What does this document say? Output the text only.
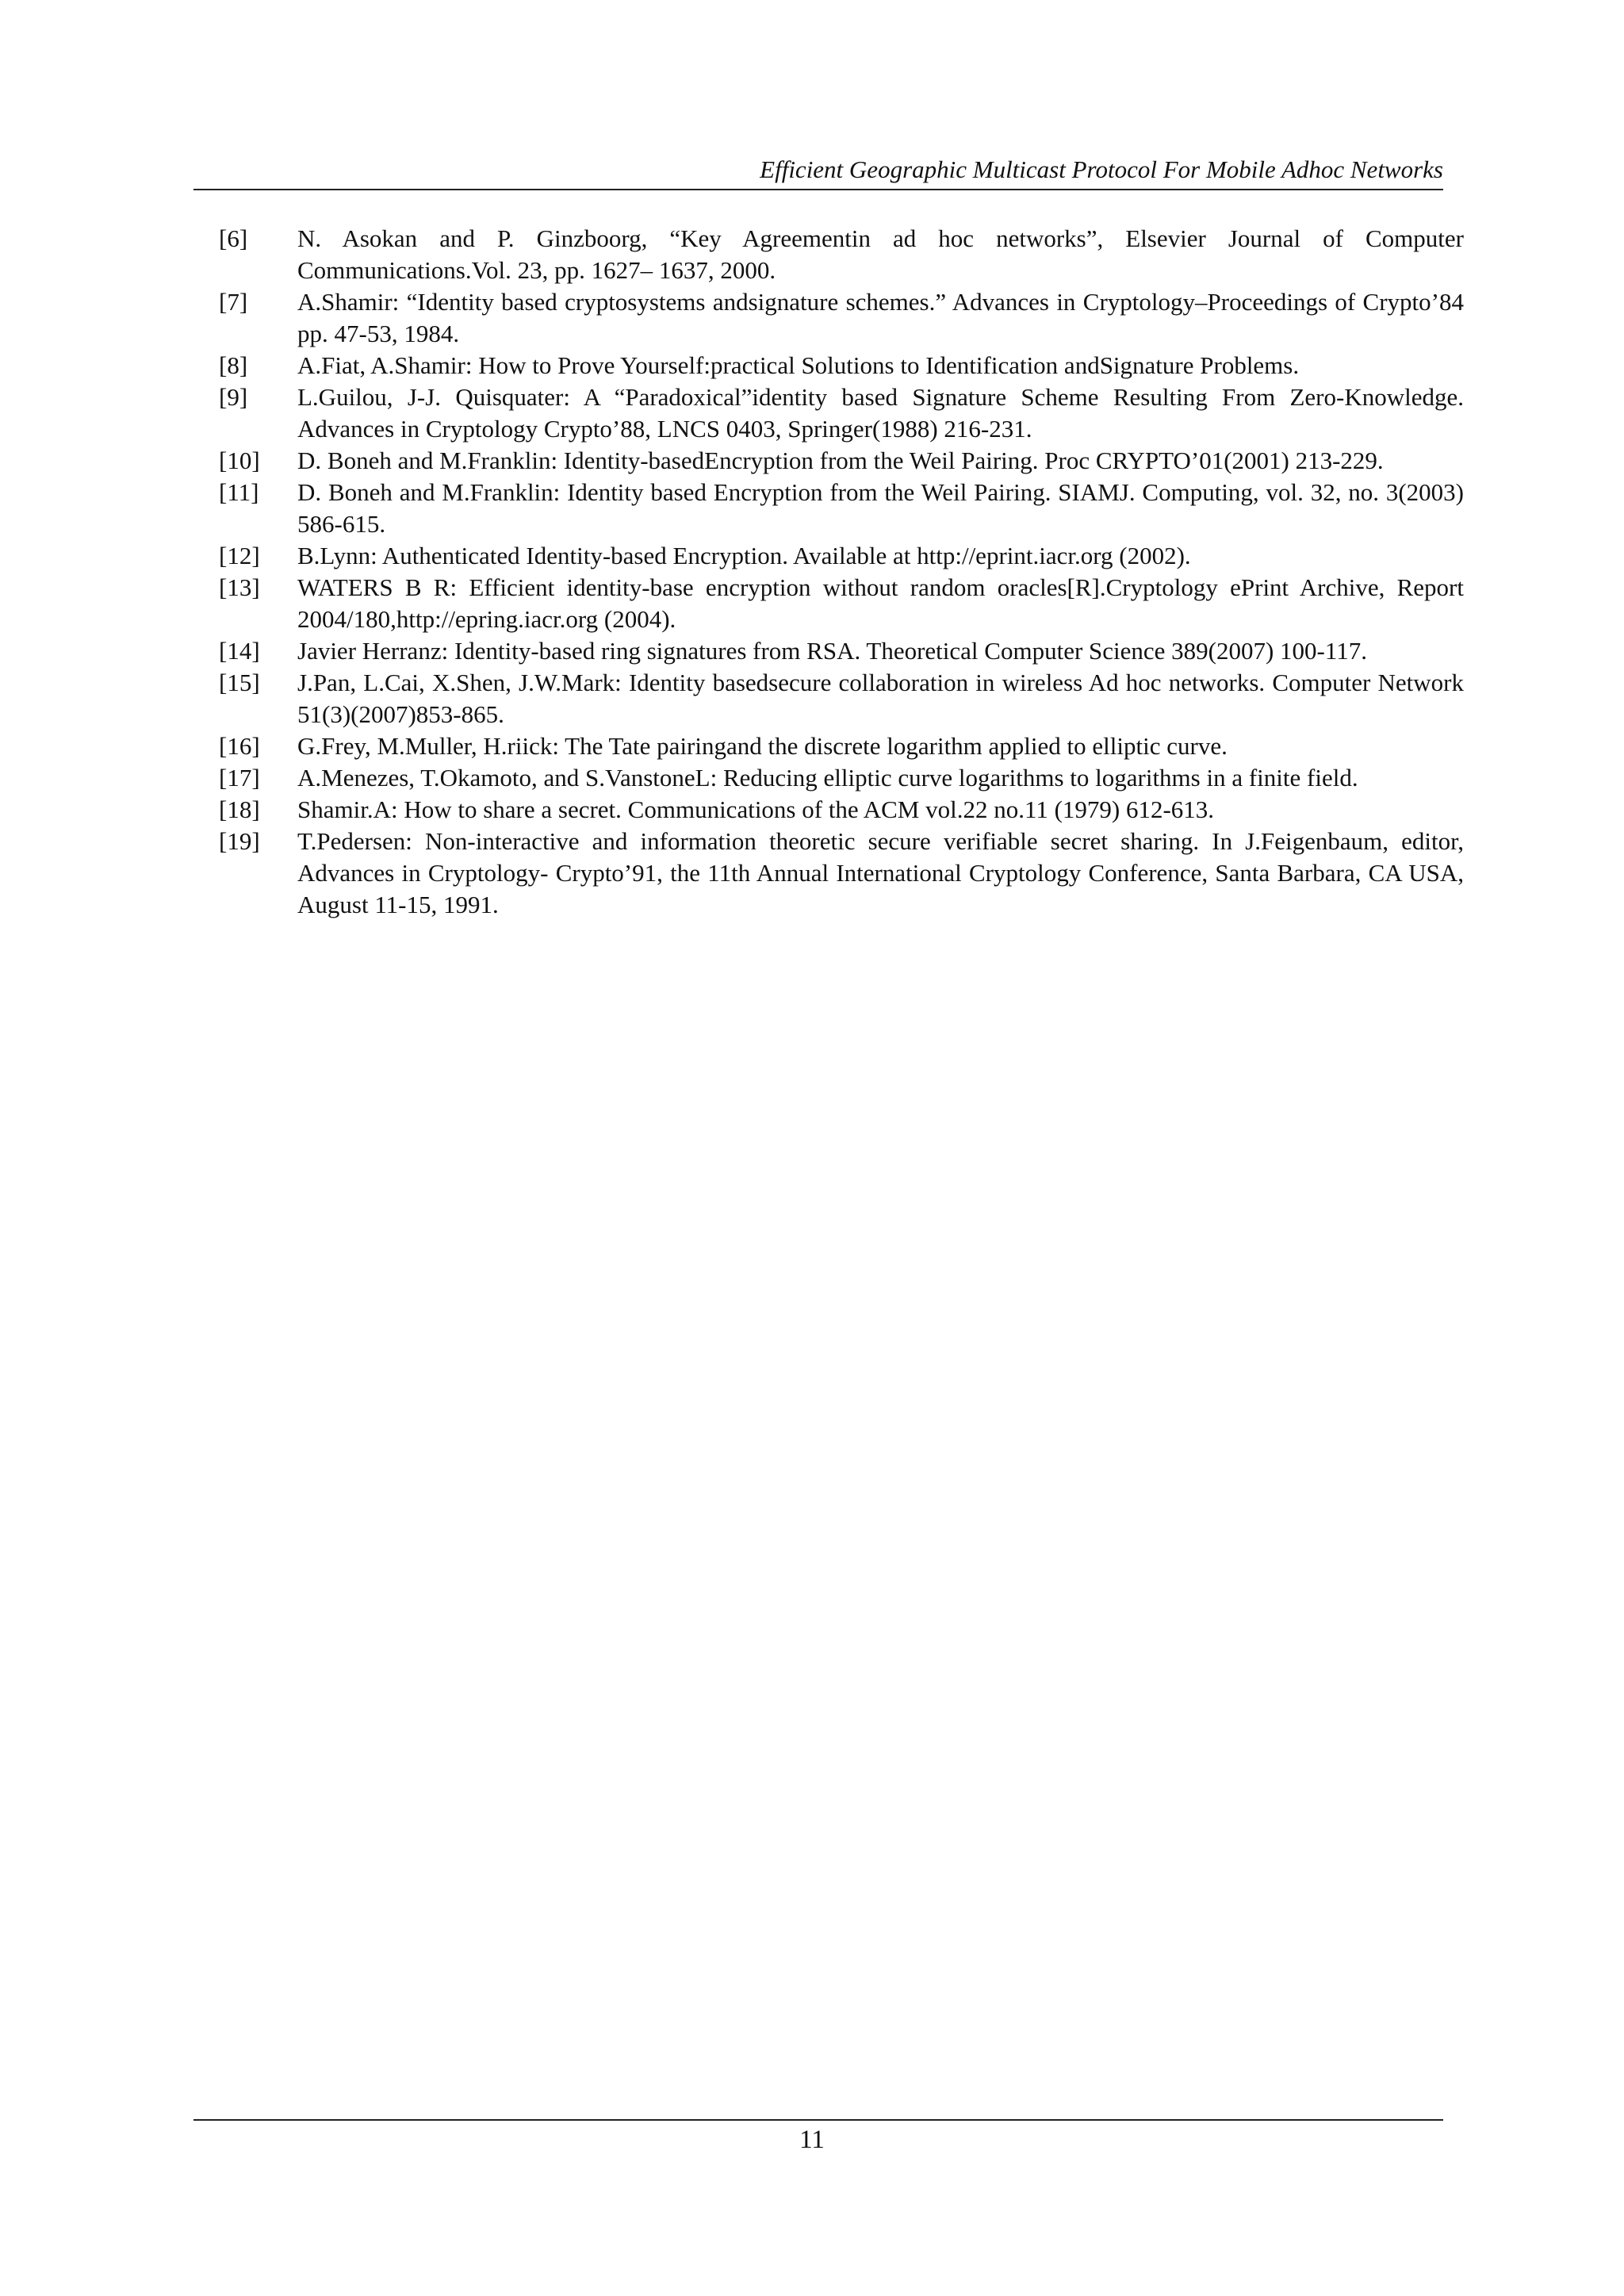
Efficient Geographic Multicast Protocol For Mobile Adhoc Networks
[6]	N. Asokan and P. Ginzboorg, “Key Agreementin ad hoc networks”, Elsevier Journal of Computer Communications.Vol. 23, pp. 1627– 1637, 2000.
[7]	A.Shamir: “Identity based cryptosystems andsignature schemes.” Advances in Cryptology–Proceedings of Crypto’84 pp. 47-53, 1984.
[8]	A.Fiat, A.Shamir: How to Prove Yourself:practical Solutions to Identification andSignature Problems.
[9]	L.Guilou, J-J. Quisquater: A “Paradoxical”identity based Signature Scheme Resulting From Zero-Knowledge. Advances in Cryptology Crypto’88, LNCS 0403, Springer(1988) 216-231.
[10]	D. Boneh and M.Franklin: Identity-basedEncryption from the Weil Pairing. Proc CRYPTO’01(2001) 213-229.
[11]	D. Boneh and M.Franklin: Identity based Encryption from the Weil Pairing. SIAMJ. Computing, vol. 32, no. 3(2003) 586-615.
[12]	B.Lynn: Authenticated Identity-based Encryption. Available at http://eprint.iacr.org (2002).
[13]	WATERS B R: Efficient identity-base encryption without random oracles[R].Cryptology ePrint Archive, Report 2004/180,http://epring.iacr.org (2004).
[14]	Javier Herranz: Identity-based ring signatures from RSA. Theoretical Computer Science 389(2007) 100-117.
[15]	J.Pan, L.Cai, X.Shen, J.W.Mark: Identity basedsecure collaboration in wireless Ad hoc networks. Computer Network 51(3)(2007)853-865.
[16]	G.Frey, M.Muller, H.riick: The Tate pairingand the discrete logarithm applied to elliptic curve.
[17]	A.Menezes, T.Okamoto, and S.VanstoneL: Reducing elliptic curve logarithms to logarithms in a finite field.
[18]	Shamir.A: How to share a secret. Communications of the ACM vol.22 no.11 (1979) 612-613.
[19]	T.Pedersen: Non-interactive and information theoretic secure verifiable secret sharing. In J.Feigenbaum, editor, Advances in Cryptology- Crypto’91, the 11th Annual International Cryptology Conference, Santa Barbara, CA USA, August 11-15, 1991.
11
